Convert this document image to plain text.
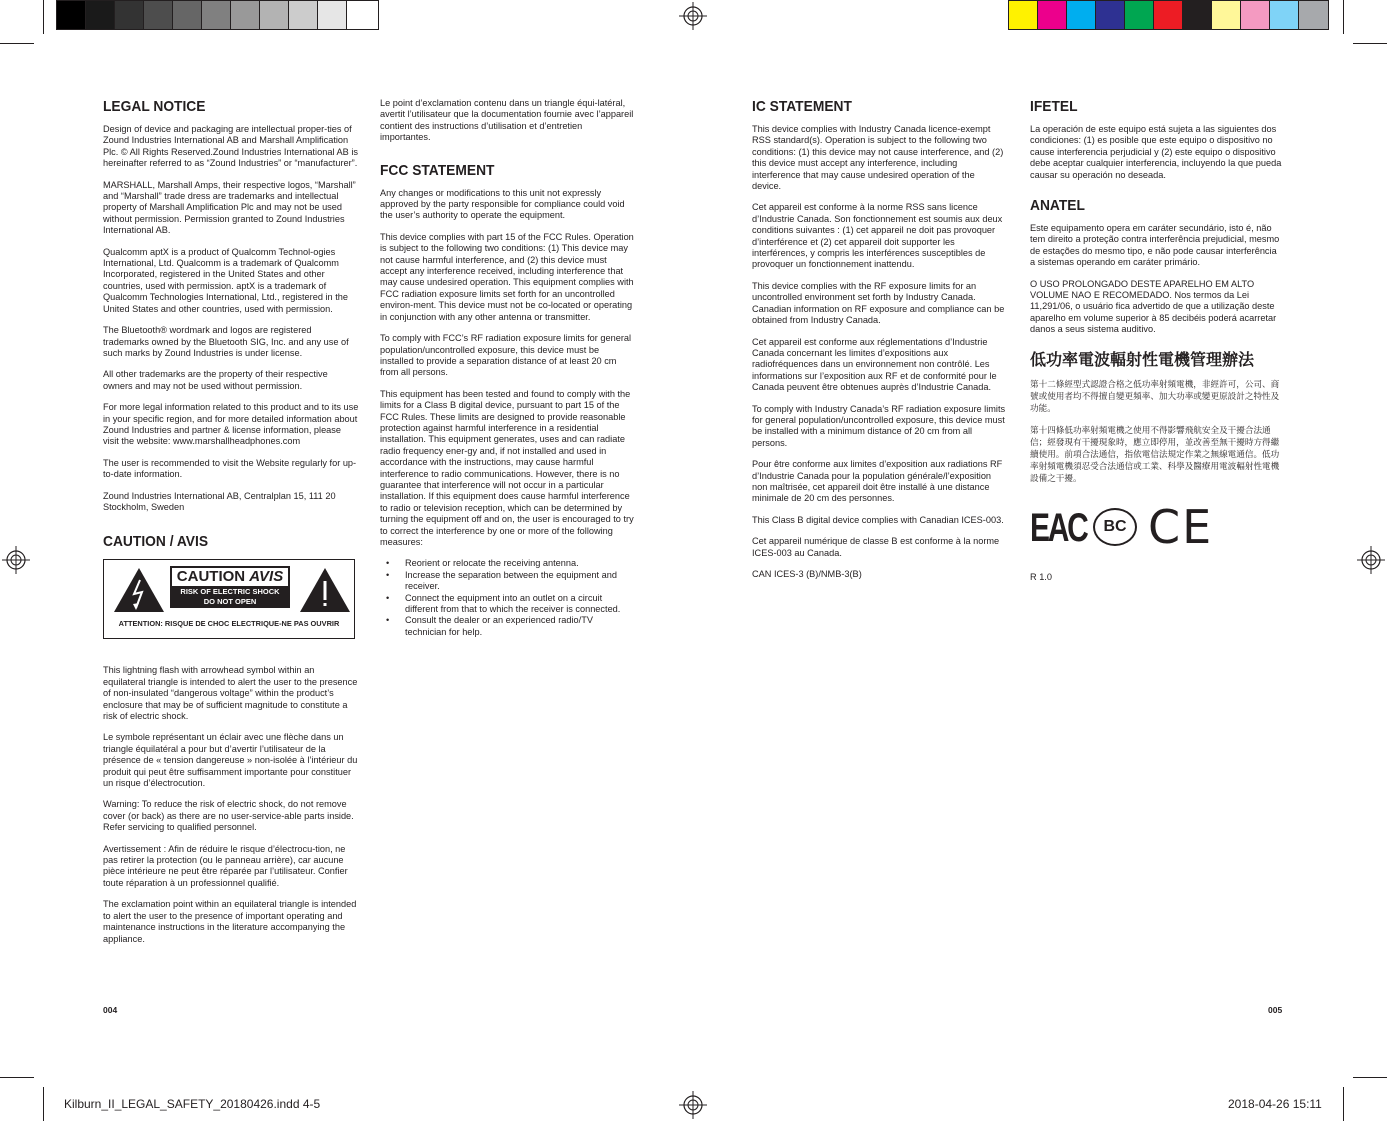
LEGAL NOTICE

Design of device and packaging are intellectual proper-ties of Zound Industries International AB and Marshall Amplification Plc. © All Rights Reserved.Zound Industries International AB is hereinafter referred to as “Zound Industries” or “manufacturer”.

MARSHALL, Marshall Amps, their respective logos, “Marshall” and “Marshall” trade dress are trademarks and intellectual property of Marshall Amplification Plc and may not be used without permission. Permission granted to Zound Industries International AB.

Qualcomm aptX is a product of Qualcomm Technol-ogies International, Ltd. Qualcomm is a trademark of Qualcomm Incorporated, registered in the United States and other countries, used with permission. aptX is a trademark of Qualcomm Technologies International, Ltd., registered in the United States and other countries, used with permission.

The Bluetooth® wordmark and logos are registered trademarks owned by the Bluetooth SIG, Inc. and any use of such marks by Zound Industries is under license.

All other trademarks are the property of their respective owners and may not be used without permission.

For more legal information related to this product and to its use in your specific region, and for more detailed information about Zound Industries and partner & license information, please visit the website: www.marshallheadphones.com

The user is recommended to visit the Website regularly for up-to-date information.

Zound Industries International AB, Centralplan 15, 111 20 Stockholm, Sweden

CAUTION / AVIS
CAUTION AVIS
RISK OF ELECTRIC SHOCK
DO NOT OPEN
ATTENTION: RISQUE DE CHOC ELECTRIQUE-NE PAS OUVRIR

This lightning flash with arrowhead symbol within an equilateral triangle is intended to alert the user to the presence of non-insulated “dangerous voltage” within the product’s enclosure that may be of sufficient magnitude to constitute a risk of electric shock.

Le symbole représentant un éclair avec une flèche dans un triangle équilatéral a pour but d’avertir l’utilisateur de la présence de « tension dangereuse » non-isolée à l’intérieur du produit qui peut être suffisamment importante pour constituer un risque d’électrocution.

Warning: To reduce the risk of electric shock, do not remove cover (or back) as there are no user-service-able parts inside. Refer servicing to qualified personnel.

Avertissement : Afin de réduire le risque d’électrocu-tion, ne pas retirer la protection (ou le panneau arrière), car aucune pièce intérieure ne peut être réparée par l’utilisateur. Confier toute réparation à un professionnel qualifié.

The exclamation point within an equilateral triangle is intended to alert the user to the presence of important operating and maintenance instructions in the literature accompanying the appliance.

Le point d’exclamation contenu dans un triangle équi-latéral, avertit l’utilisateur que la documentation fournie avec l’appareil contient des instructions d’utilisation et d’entretien importantes.

FCC STATEMENT

Any changes or modifications to this unit not expressly approved by the party responsible for compliance could void the user’s authority to operate the equipment.

This device complies with part 15 of the FCC Rules. Operation is subject to the following two conditions: (1) This device may not cause harmful interference, and (2) this device must accept any interference received, including interference that may cause undesired operation. This equipment complies with FCC radiation exposure limits set forth for an uncontrolled environ-ment. This device must not be co-located or operating in conjunction with any other antenna or transmitter.

To comply with FCC’s RF radiation exposure limits for general population/uncontrolled exposure, this device must be installed to provide a separation distance of at least 20 cm from all persons.

This equipment has been tested and found to comply with the limits for a Class B digital device, pursuant to part 15 of the FCC Rules. These limits are designed to provide reasonable protection against harmful interference in a residential installation. This equipment generates, uses and can radiate radio frequency ener-gy and, if not installed and used in accordance with the instructions, may cause harmful interference to radio communications. However, there is no guarantee that interference will not occur in a particular installation. If this equipment does cause harmful interference to radio or television reception, which can be determined by turning the equipment off and on, the user is encouraged to try to correct the interference by one or more of the following measures:

• Reorient or relocate the receiving antenna.
• Increase the separation between the equipment and receiver.
• Connect the equipment into an outlet on a circuit different from that to which the receiver is connected.
• Consult the dealer or an experienced radio/TV technician for help.
IC STATEMENT

This device complies with Industry Canada licence-exempt RSS standard(s). Operation is subject to the following two conditions: (1) this device may not cause interference, and (2) this device must accept any interference, including interference that may cause undesired operation of the device.

Cet appareil est conforme à la norme RSS sans licence d’Industrie Canada. Son fonctionnement est soumis aux deux conditions suivantes : (1) cet appareil ne doit pas provoquer d’interférence et (2) cet appareil doit supporter les interférences, y compris les interférences susceptibles de provoquer un fonctionnement inattendu.

This device complies with the RF exposure limits for an uncontrolled environment set forth by Industry Canada. Canadian information on RF exposure and compliance can be obtained from Industry Canada.

Cet appareil est conforme aux réglementations d’Industrie Canada concernant les limites d’expositions aux radiofréquences dans un environnement non contrôlé. Les informations sur l’exposition aux RF et de conformité pour le Canada peuvent être obtenues auprès d’Industrie Canada.

To comply with Industry Canada’s RF radiation exposure limits for general population/uncontrolled exposure, this device must be installed with a minimum distance of 20 cm from all persons.

Pour être conforme aux limites d’exposition aux radiations RF d’Industrie Canada pour la population générale/l’exposition non maîtrisée, cet appareil doit être installé à une distance minimale de 20 cm des personnes.

This Class B digital device complies with Canadian ICES-003.

Cet appareil numérique de classe B est conforme à la norme ICES-003 au Canada.

CAN ICES-3 (B)/NMB-3(B)

IFETEL

La operación de este equipo está sujeta a las siguientes dos condiciones: (1) es posible que este equipo o dispositivo no cause interferencia perjudicial y (2) este equipo o dispositivo debe aceptar cualquier interferencia, incluyendo la que pueda causar su operación no deseada.

ANATEL

Este equipamento opera em caráter secundário, isto é, não tem direito a proteção contra interferência prejudicial, mesmo de estações do mesmo tipo, e não pode causar interferência a sistemas operando em caráter primário.

O USO PROLONGADO DESTE APARELHO EM ALTO VOLUME NAO E RECOMEDADO. Nos termos da Lei 11,291/06, o usuário fica advertido de que a utilização deste aparelho em volume superior à 85 decibéis poderá acarretar danos a seus sistema auditivo.

低功率電波輻射性電機管理辦法

第十二條經型式認證合格之低功率射頻電機，非經許可，公司、商號或使用者均不得擅自變更頻率、加大功率或變更原設計之特性及功能。

第十四條低功率射頻電機之使用不得影響飛航安全及干擾合法通信；經發現有干擾現象時，應立即停用，並改善至無干擾時方得繼續使用。前項合法通信，指依電信法規定作業之無線電通信。低功率射頻電機須忍受合法通信或工業、科學及醫療用電波輻射性電機設備之干擾。

EAC	BC CE

R 1.0

004	005
Kilburn_II_LEGAL_SAFETY_20180426.indd 4-5	2018-04-26 15:11
